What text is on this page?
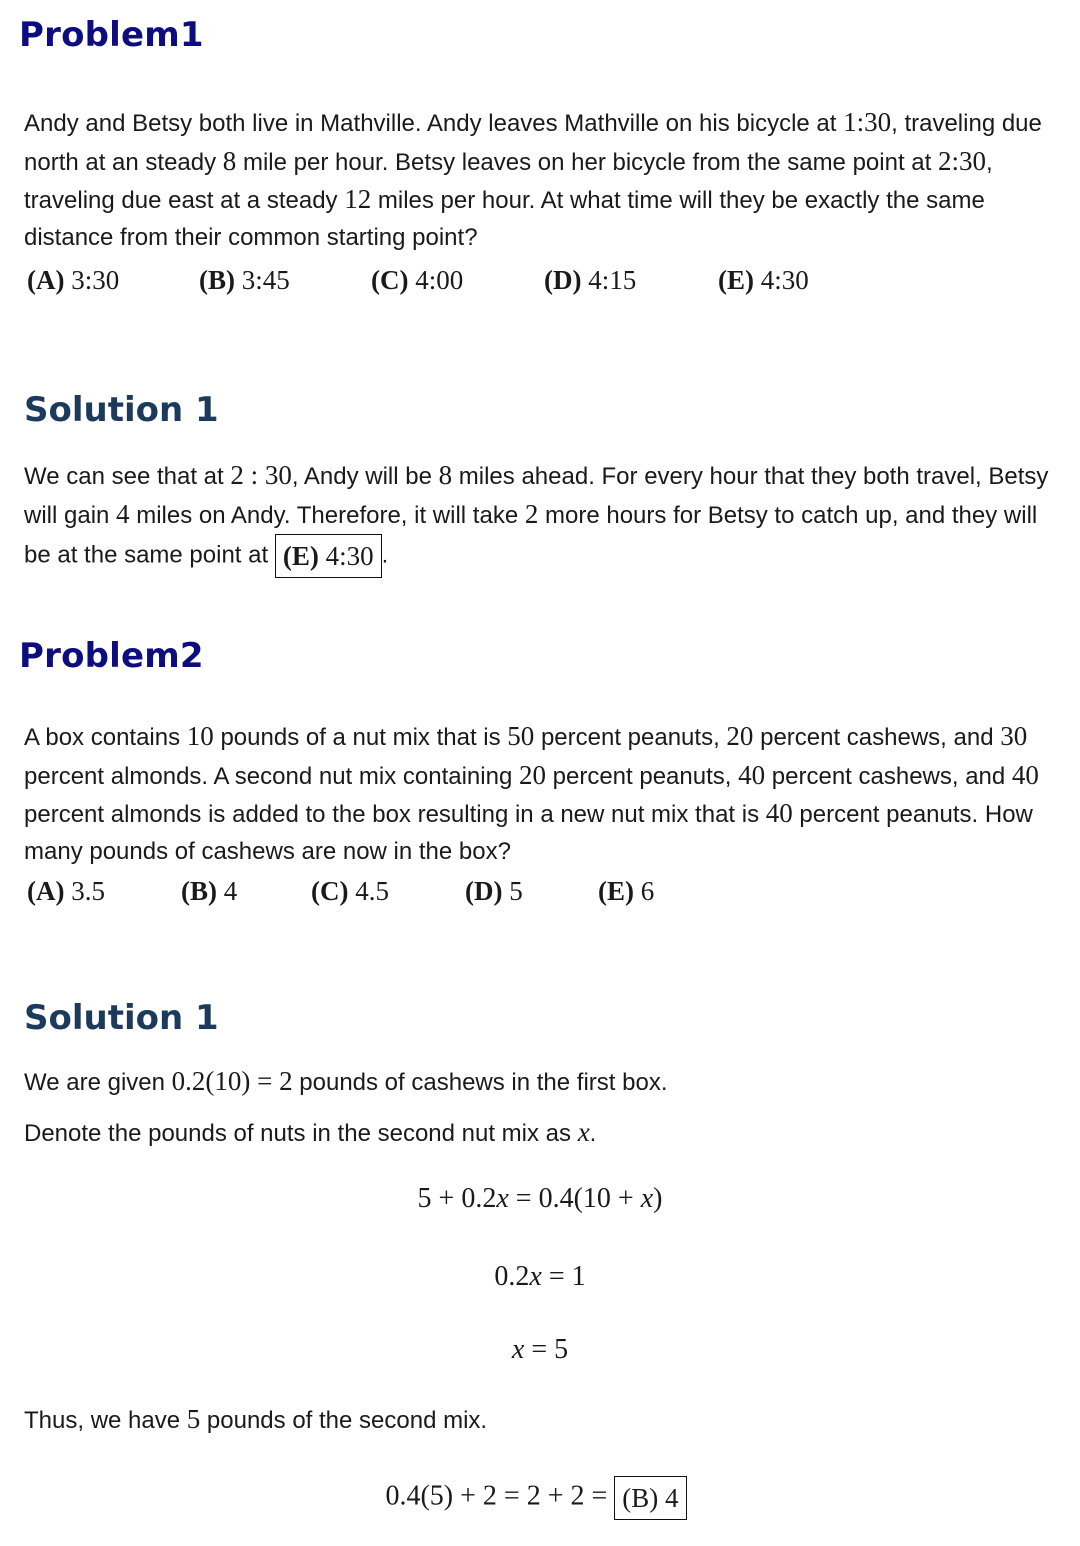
Problem1

Andy and Betsy both live in Mathville. Andy leaves Mathville on his bicycle at 1:30, traveling due north at an steady 8 mile per hour. Betsy leaves on her bicycle from the same point at 2:30, traveling due east at a steady 12 miles per hour. At what time will they be exactly the same distance from their common starting point?

(A) 3:30	(B) 3:45	(C) 4:00	(D) 4:15	(E) 4:30
Solution 1

We can see that at 2 : 30, Andy will be 8 miles ahead. For every hour that they both travel, Betsy will gain 4 miles on Andy. Therefore, it will take 2 more hours for Betsy to catch up, and they will be at the same point at (E) 4:30 .

Problem2

A box contains 10 pounds of a nut mix that is 50 percent peanuts, 20 percent cashews, and 30 percent almonds. A second nut mix containing 20 percent peanuts, 40 percent cashews, and 40 percent almonds is added to the box resulting in a new nut mix that is 40 percent peanuts. How many pounds of cashews are now in the box?

(A) 3.5	(B) 4	(C) 4.5	(D) 5	(E) 6
Solution 1

We are given 0.2(10) = 2 pounds of cashews in the first box.

Denote the pounds of nuts in the second nut mix as x.

5 + 0.2x = 0.4(10 + x)
0.2x = 1
x = 5

Thus, we have 5 pounds of the second mix.

0.4(5) + 2 = 2 + 2 = (B) 4
